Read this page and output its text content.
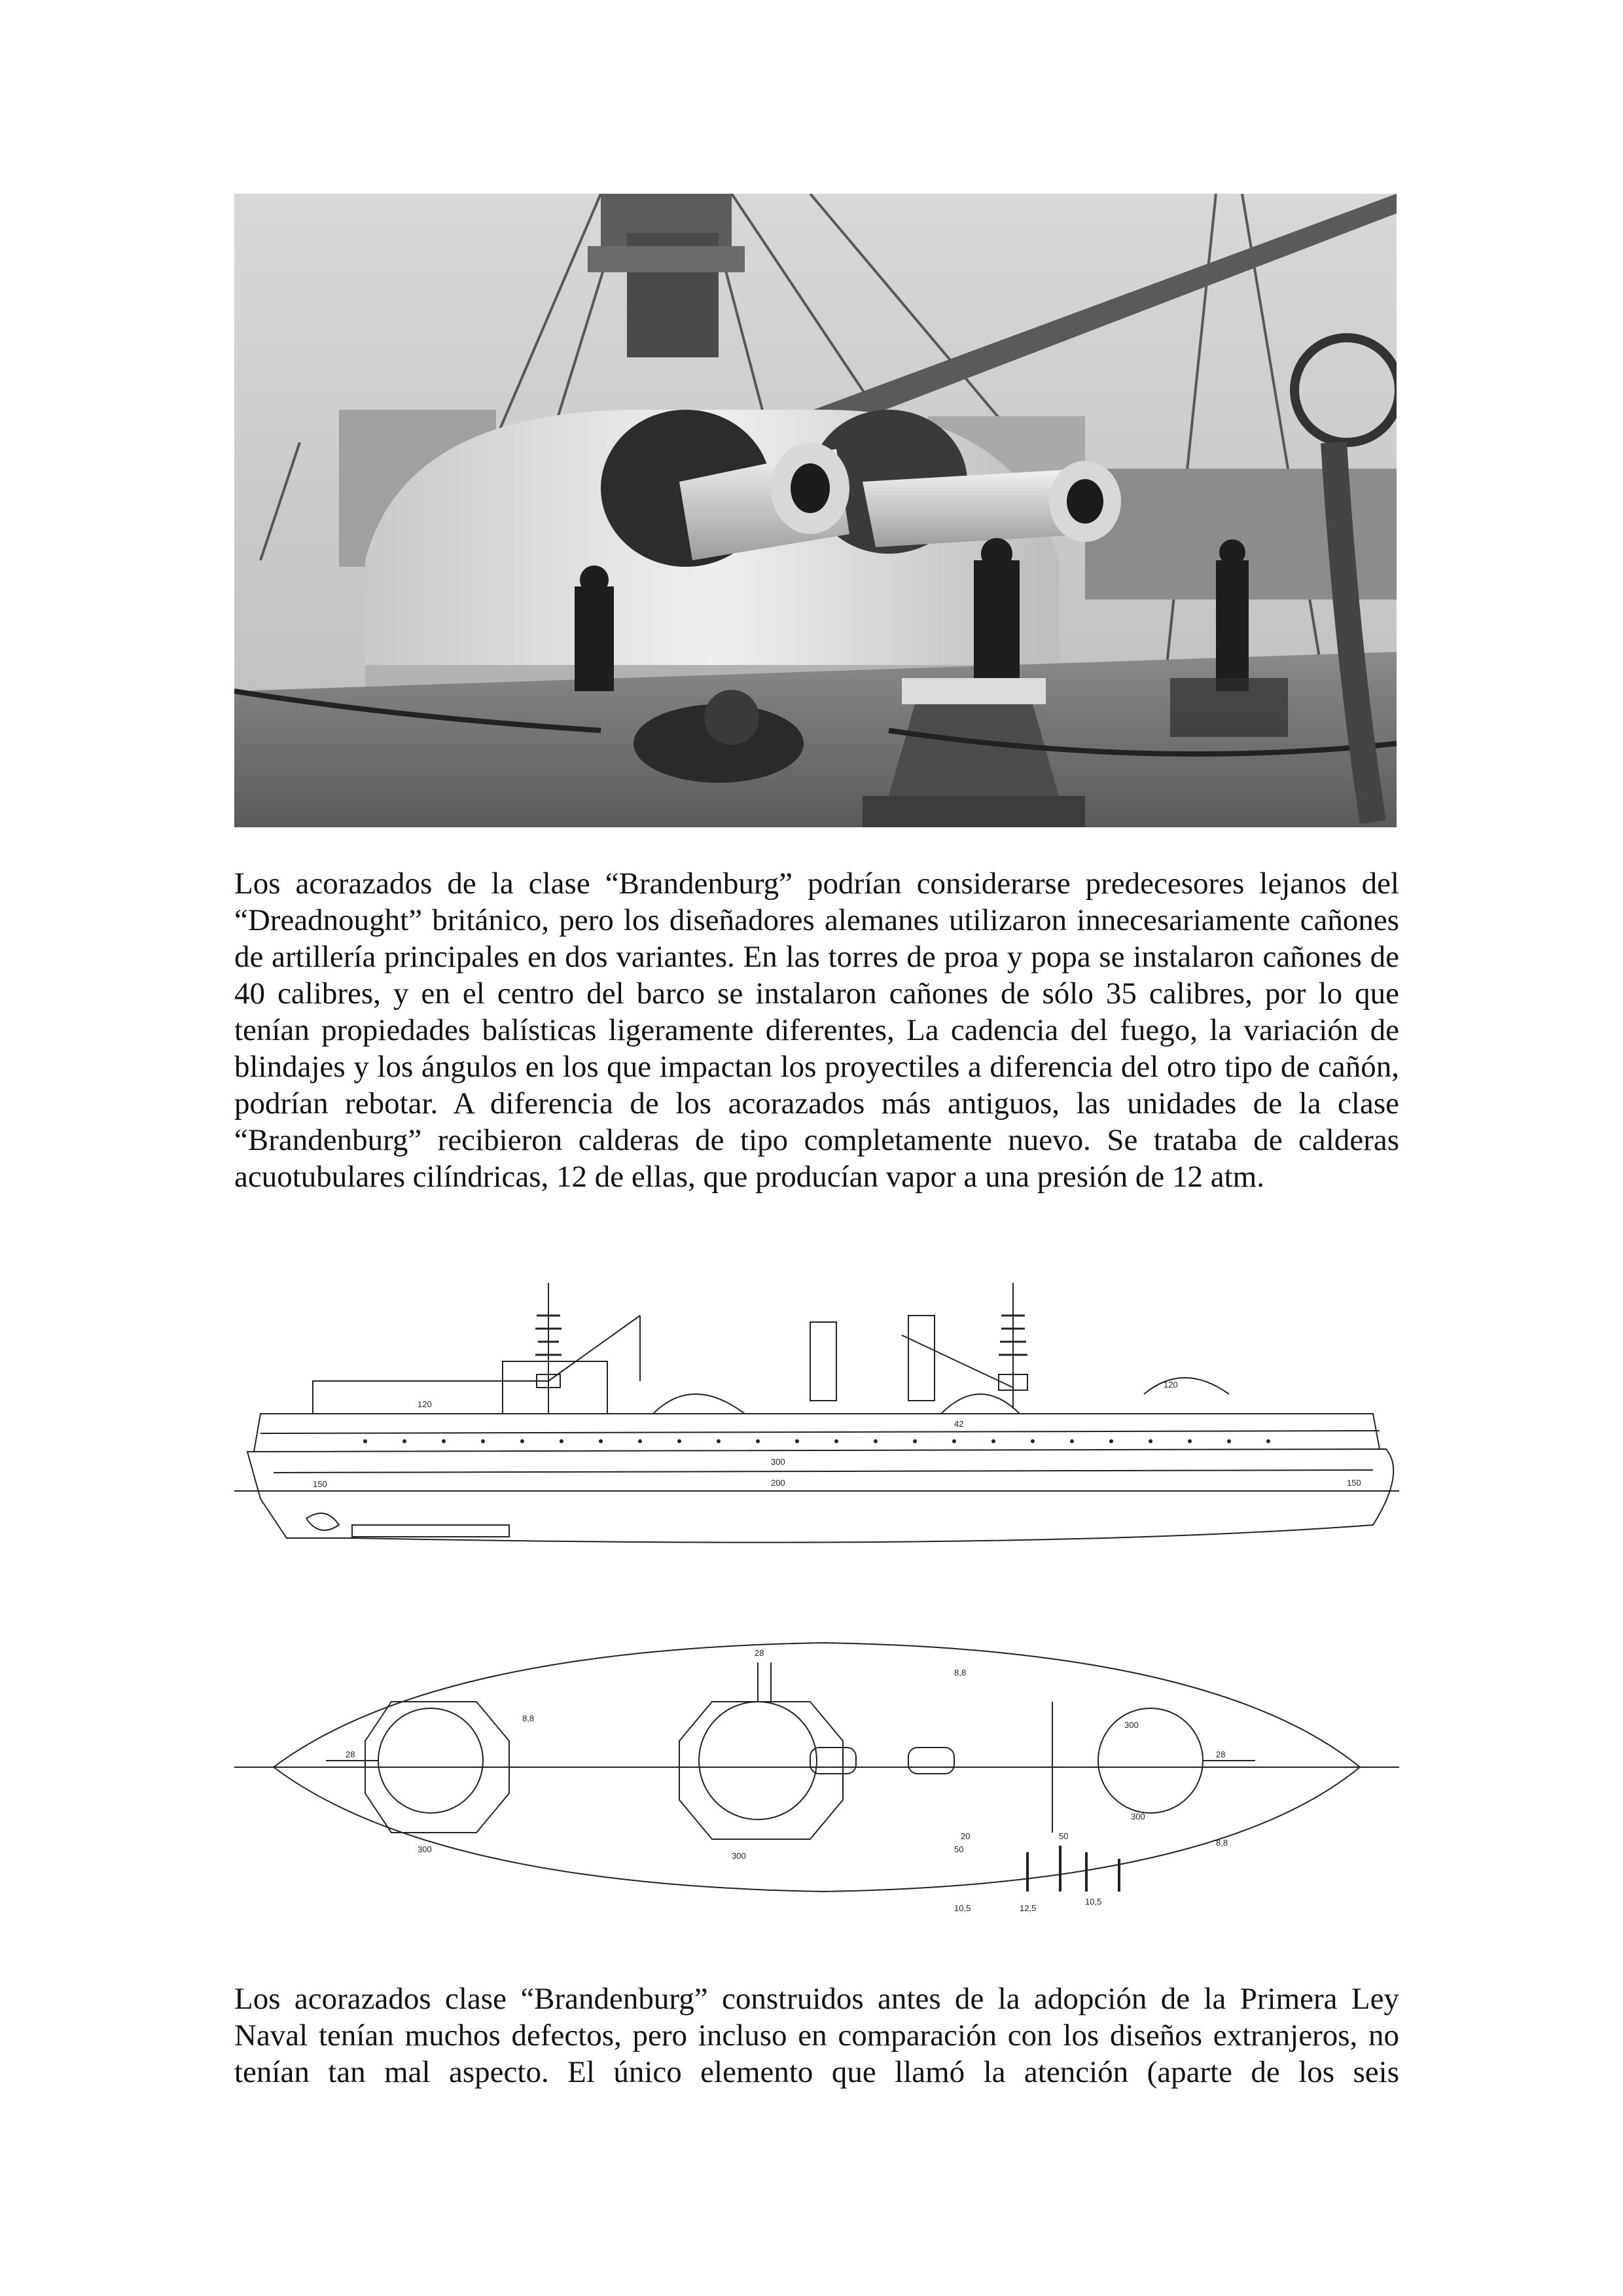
Los acorazados de la clase “Brandenburg” podrían considerarse predecesores lejanos del “Dreadnought” británico, pero los diseñadores alemanes utilizaron innecesariamente cañones de artillería principales en dos variantes. En las torres de proa y popa se instalaron cañones de 40 calibres, y en el centro del barco se instalaron cañones de sólo 35 calibres, por lo que tenían propiedades balísticas ligeramente diferentes, La cadencia del fuego, la variación de blindajes y los ángulos en los que impactan los proyectiles a diferencia del otro tipo de cañón, podrían rebotar. A diferencia de los acorazados más antiguos, las unidades de la clase “Brandenburg” recibieron calderas de tipo completamente nuevo. Se trataba de calderas acuotubulares cilíndricas, 12 de ellas, que producían vapor a una presión de 12 atm.

120
120
200
150	150
42
300
28
28
28
8,8
8,8
300
300
300
300
20
50
50
8,8
10,5	12,5
10,5

Los acorazados clase “Brandenburg” construidos antes de la adopción de la Primera Ley Naval tenían muchos defectos, pero incluso en comparación con los diseños extranjeros, no tenían tan mal aspecto. El único elemento que llamó la atención (aparte de los seis
